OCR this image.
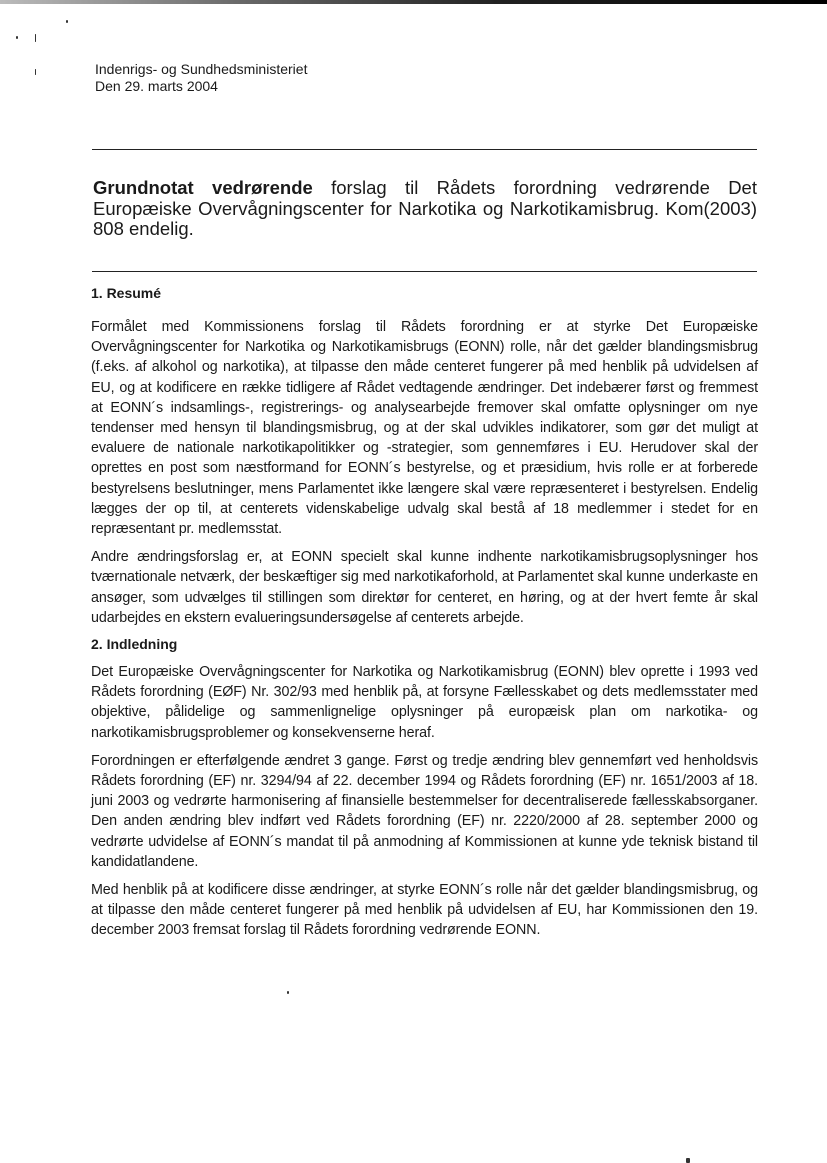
Indenrigs- og Sundhedsministeriet
Den 29. marts 2004
Grundnotat vedrørende forslag til Rådets forordning vedrørende Det Europæiske Overvågningscenter for Narkotika og Narkotikamisbrug. Kom(2003) 808 endelig.
1. Resumé

Formålet med Kommissionens forslag til Rådets forordning er at styrke Det Europæiske Overvågningscenter for Narkotika og Narkotikamisbrugs (EONN) rolle, når det gælder blandingsmisbrug (f.eks. af alkohol og narkotika), at tilpasse den måde centeret fungerer på med henblik på udvidelsen af EU, og at kodificere en række tidligere af Rådet vedtagende ændringer. Det indebærer først og fremmest at EONN´s indsamlings-, registrerings- og analysearbejde fremover skal omfatte oplysninger om nye tendenser med hensyn til blandingsmisbrug, og at der skal udvikles indikatorer, som gør det muligt at evaluere de nationale narkotikapolitikker og -strategier, som gennemføres i EU. Herudover skal der oprettes en post som næstformand for EONN´s bestyrelse, og et præsidium, hvis rolle er at forberede bestyrelsens beslutninger, mens Parlamentet ikke længere skal være repræsenteret i bestyrelsen. Endelig lægges der op til, at centerets videnskabelige udvalg skal bestå af 18 medlemmer i stedet for en repræsentant pr. medlemsstat.

Andre ændringsforslag er, at EONN specielt skal kunne indhente narkotikamisbrugsoplysninger hos tværnationale netværk, der beskæftiger sig med narkotikaforhold, at Parlamentet skal kunne underkaste en ansøger, som udvælges til stillingen som direktør for centeret, en høring, og at der hvert femte år skal udarbejdes en ekstern evalueringsundersøgelse af centerets arbejde.

2. Indledning

Det Europæiske Overvågningscenter for Narkotika og Narkotikamisbrug (EONN) blev oprette i 1993 ved Rådets forordning (EØF) Nr. 302/93 med henblik på, at forsyne Fællesskabet og dets medlemsstater med objektive, pålidelige og sammenlignelige oplysninger på europæisk plan om narkotika- og narkotikamisbrugsproblemer og konsekvenserne heraf.

Forordningen er efterfølgende ændret 3 gange. Først og tredje ændring blev gennemført ved henholdsvis Rådets forordning (EF) nr. 3294/94 af 22. december 1994 og Rådets forordning (EF) nr. 1651/2003 af 18. juni 2003 og vedrørte harmonisering af finansielle bestemmelser for decentraliserede fællesskabsorganer. Den anden ændring blev indført ved Rådets forordning (EF) nr. 2220/2000 af 28. september 2000 og vedrørte udvidelse af EONN´s mandat til på anmodning af Kommissionen at kunne yde teknisk bistand til kandidatlandene.

Med henblik på at kodificere disse ændringer, at styrke EONN´s rolle når det gælder blandingsmisbrug, og at tilpasse den måde centeret fungerer på med henblik på udvidelsen af EU, har Kommissionen den 19. december 2003 fremsat forslag til Rådets forordning vedrørende EONN.
